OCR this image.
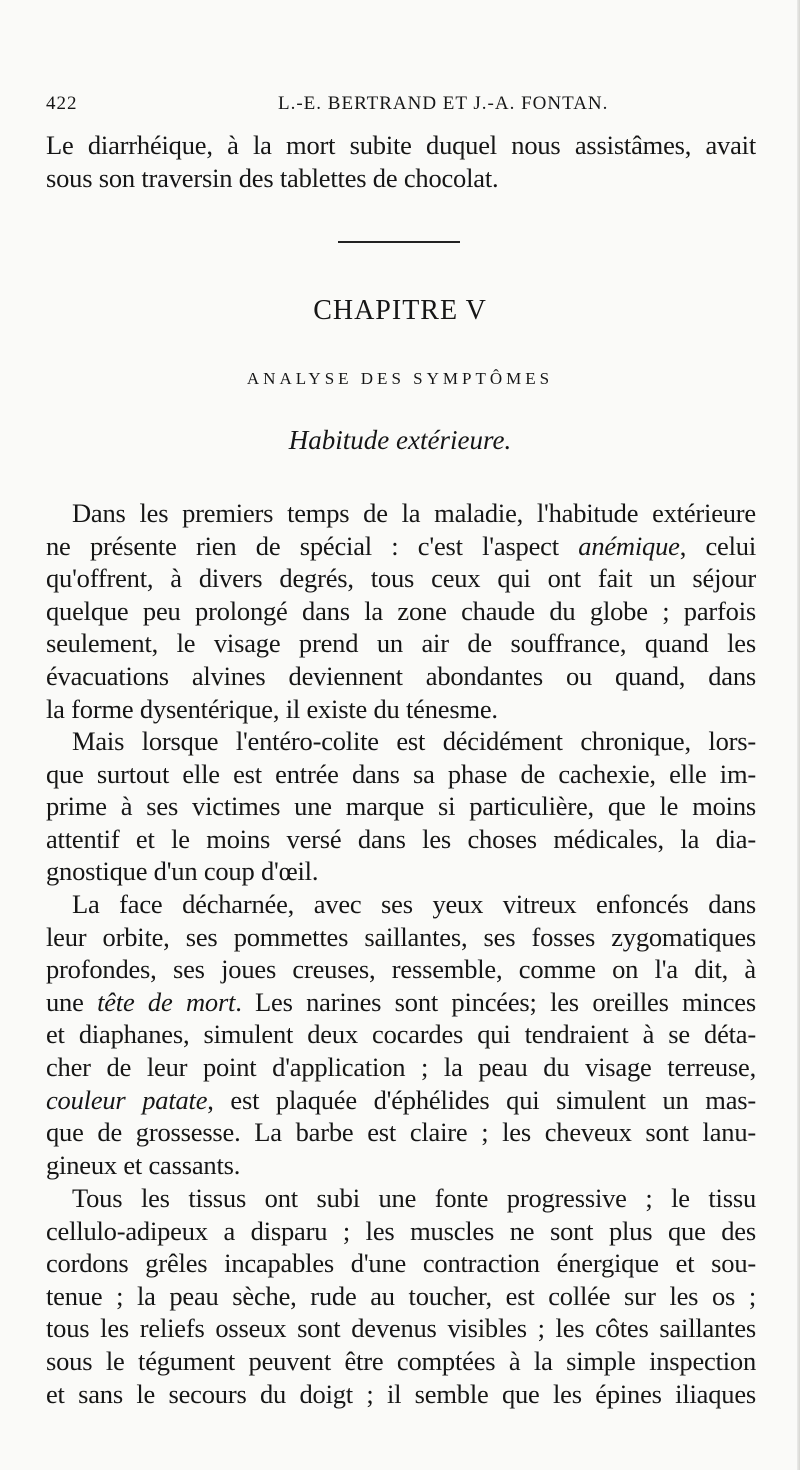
422	L.-E. BERTRAND ET J.-A. FONTAN.
Le diarrhéique, à la mort subite duquel nous assistâmes, avait
sous son traversin des tablettes de chocolat.
CHAPITRE V
ANALYSE DES SYMPTÔMES
Habitude extérieure.
Dans les premiers temps de la maladie, l'habitude extérieure
ne présente rien de spécial : c'est l'aspect anémique, celui
qu'offrent, à divers degrés, tous ceux qui ont fait un séjour
quelque peu prolongé dans la zone chaude du globe ; parfois
seulement, le visage prend un air de souffrance, quand les
évacuations alvines deviennent abondantes ou quand, dans
la forme dysentérique, il existe du ténesme.
Mais lorsque l'entéro-colite est décidément chronique, lors-
que surtout elle est entrée dans sa phase de cachexie, elle im-
prime à ses victimes une marque si particulière, que le moins
attentif et le moins versé dans les choses médicales, la dia-
gnostique d'un coup d'œil.
La face décharnée, avec ses yeux vitreux enfoncés dans
leur orbite, ses pommettes saillantes, ses fosses zygomatiques
profondes, ses joues creuses, ressemble, comme on l'a dit, à
une tête de mort. Les narines sont pincées; les oreilles minces
et diaphanes, simulent deux cocardes qui tendraient à se déta-
cher de leur point d'application ; la peau du visage terreuse,
couleur patate, est plaquée d'éphélides qui simulent un mas-
que de grossesse. La barbe est claire ; les cheveux sont lanu-
gineux et cassants.
Tous les tissus ont subi une fonte progressive ; le tissu
cellulo-adipeux a disparu ; les muscles ne sont plus que des
cordons grêles incapables d'une contraction énergique et sou-
tenue ; la peau sèche, rude au toucher, est collée sur les os ;
tous les reliefs osseux sont devenus visibles ; les côtes saillantes
sous le tégument peuvent être comptées à la simple inspection
et sans le secours du doigt ; il semble que les épines iliaques
